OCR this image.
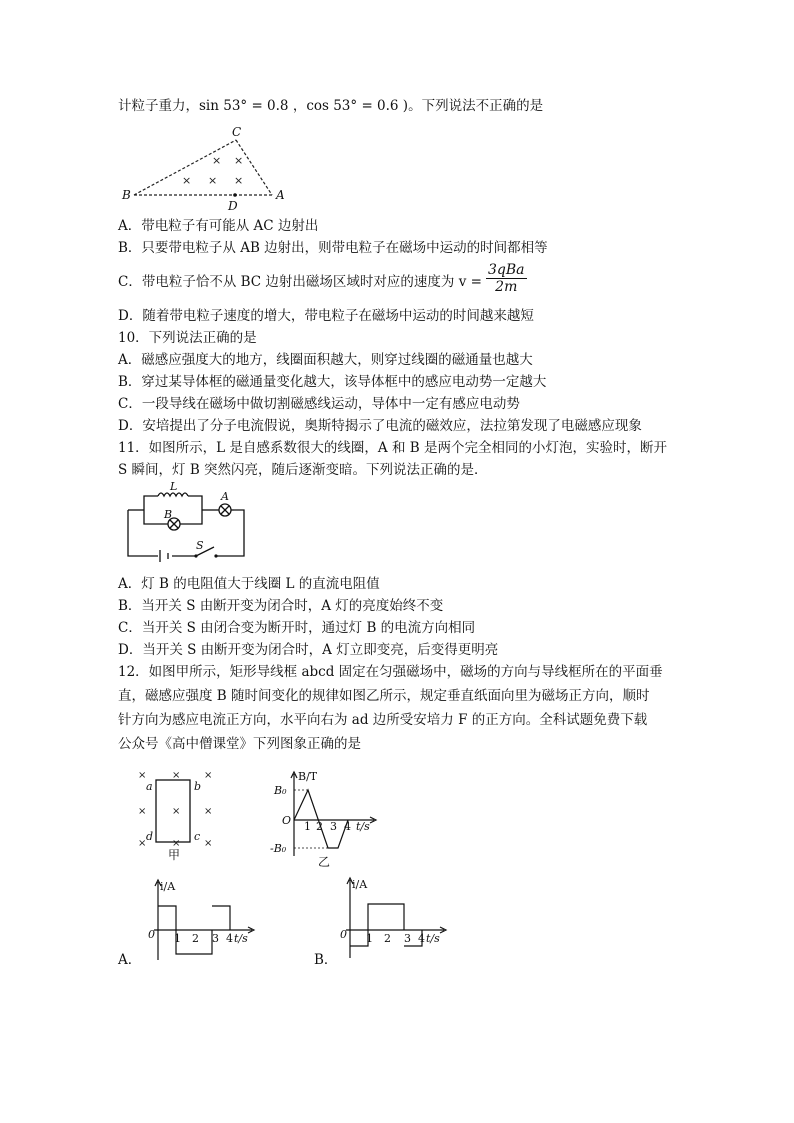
计粒子重力，sin 53° = 0.8 ，cos 53° = 0.6 )。下列说法不正确的是
× ×
× × ×
C
B	A
D
A．带电粒子有可能从 AC 边射出
B．只要带电粒子从 AB 边射出，则带电粒子在磁场中运动的时间都相等
C．带电粒子恰不从 BC 边射出磁场区域时对应的速度为 v =
3qBa
2m
D．随着带电粒子速度的增大，带电粒子在磁场中运动的时间越来越短
10．下列说法正确的是
A．磁感应强度大的地方，线圈面积越大，则穿过线圈的磁通量也越大
B．穿过某导体框的磁通量变化越大，该导体框中的感应电动势一定越大
C．一段导线在磁场中做切割磁感线运动，导体中一定有感应电动势
D．安培提出了分子电流假说，奥斯特揭示了电流的磁效应，法拉第发现了电磁感应现象
11．如图所示，L 是自感系数很大的线圈，A 和 B 是两个完全相同的小灯泡，实验时，断开
S 瞬间，灯 B 突然闪亮，随后逐渐变暗。下列说法正确的是．
L
A
B
S
A．灯 B 的电阻值大于线圈 L 的直流电阻值
B．当开关 S 由断开变为闭合时，A 灯的亮度始终不变
C．当开关 S 由闭合变为断开时，通过灯 B 的电流方向相同
D．当开关 S 由断开变为闭合时，A 灯立即变亮，后变得更明亮
12．如图甲所示，矩形导线框 abcd 固定在匀强磁场中，磁场的方向与导线框所在的平面垂
直，磁感应强度 B 随时间变化的规律如图乙所示，规定垂直纸面向里为磁场正方向，顺时
针方向为感应电流正方向，水平向右为 ad 边所受安培力 F 的正方向。全科试题免费下载
公众号《高中僧课堂》下列图象正确的是
×	× ×
×	× ×
×	× ×
a	b
c
d
甲
B/T
B₀
-B₀
O 1 2 3 4 t/s
乙
i/A
0 1 2 3 4 t/s
A．
i/A
0 1 2 3 4 t/s
B．
